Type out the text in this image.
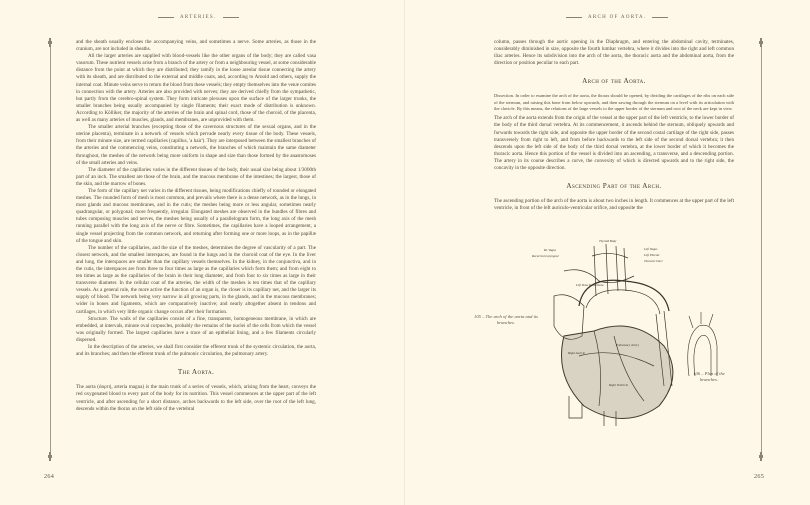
ARTERIES.

and the sheath usually encloses the accompanying veins, and sometimes a nerve. Some arteries, as those in the cranium, are not included in sheaths.

All the larger arteries are supplied with blood-vessels like the other organs of the body; they are called vasa vasorum. These nutrient vessels arise from a branch of the artery or from a neighbouring vessel, at some considerable distance from the point at which they are distributed; they ramify in the loose areolar tissue connecting the artery with its sheath, and are distributed to the external and middle coats, and, according to Arnold and others, supply the internal coat. Minute veins serve to return the blood from these vessels; they empty themselves into the venæ comites in connection with the artery. Arteries are also provided with nerves; they are derived chiefly from the sympathetic, but partly from the cerebro-spinal system. They form intricate plexuses upon the surface of the larger trunks, the smaller branches being usually accompanied by single filaments; their exact mode of distribution is unknown. According to Kölliker, the majority of the arteries of the brain and spinal cord, those of the choroid, of the placenta, as well as many arteries of muscles, glands, and membranes, are unprovided with them.

The smaller arterial branches (excepting those of the cavernous structures of the sexual organs, and in the uterine placenta), terminate in a network of vessels which pervade nearly every tissue of the body. These vessels, from their minute size, are termed capillaries (capillus, 'a hair'). They are interposed between the smallest branches of the arteries and the commencing veins, constituting a network, the branches of which maintain the same diameter throughout, the meshes of the network being more uniform in shape and size than those formed by the anastomoses of the small arteries and veins.

The diameter of the capillaries varies in the different tissues of the body, their usual size being about 1/3000th part of an inch. The smallest are those of the brain, and the mucous membrane of the intestines; the largest, those of the skin, and the marrow of bones.

The form of the capillary net varies in the different tissues, being modifications chiefly of rounded or elongated meshes. The rounded form of mesh is most common, and prevails where there is a dense network, as in the lungs, in most glands and mucous membranes, and in the cutis; the meshes being more or less angular, sometimes nearly quadrangular, or polygonal; more frequently, irregular. Elongated meshes are observed in the bundles of fibres and tubes composing muscles and nerves, the meshes being usually of a parallelogram form, the long axis of the mesh running parallel with the long axis of the nerve or fibre. Sometimes, the capillaries have a looped arrangement, a single vessel projecting from the common network, and returning after forming one or more loops, as in the papillæ of the tongue and skin.

The number of the capillaries, and the size of the meshes, determines the degree of vascularity of a part. The closest network, and the smallest interspaces, are found in the lungs and in the choroid coat of the eye. In the liver and lung, the interspaces are smaller than the capillary vessels themselves. In the kidney, in the conjunctiva, and in the cutis, the interspaces are from three to four times as large as the capillaries which form them; and from eight to ten times as large as the capillaries of the brain in their long diameter, and from four to six times as large in their transverse diameter. In the cellular coat of the arteries, the width of the meshes is ten times that of the capillary vessels. As a general rule, the more active the function of an organ is, the closer is its capillary net, and the larger its supply of blood. The network being very narrow in all growing parts, in the glands, and in the mucous membranes; wider in bones and ligaments, which are comparatively inactive; and nearly altogether absent in tendons and cartilages, in which very little organic change occurs after their formation.

Structure. The walls of the capillaries consist of a fine, transparent, homogeneous membrane, in which are embedded, at intervals, minute oval corpuscles, probably the remains of the nuclei of the cells from which the vessel was originally formed. The largest capillaries have a trace of an epithelial lining, and a few filaments circularly dispersed.

In the description of the arteries, we shall first consider the efferent trunk of the systemic circulation, the aorta, and its branches; and then the efferent trunk of the pulmonic circulation, the pulmonary artery.

The Aorta.

The aorta (ἀορτή, arteria magna) is the main trunk of a series of vessels, which, arising from the heart, conveys the red oxygenated blood to every part of the body for its nutrition. This vessel commences at the upper part of the left ventricle, and after ascending for a short distance, arches backwards to the left side, over the root of the left lung, descends within the thorax on the left side of the vertebral

264
ARCH OF AORTA.

column, passes through the aortic opening in the Diaphragm, and entering the abdominal cavity, terminates, considerably diminished in size, opposite the fourth lumbar vertebra, where it divides into the right and left common iliac arteries. Hence its subdivision into the arch of the aorta, the thoracic aorta and the abdominal aorta, from the direction or position peculiar to each part.

Arch of the Aorta.

Dissection. In order to examine the arch of the aorta, the thorax should be opened, by dividing the cartilages of the ribs on each side of the sternum, and raising this bone from below upwards, and then sawing through the sternum on a level with its articulation with the clavicle. By this means, the relations of the large vessels to the upper border of the sternum and root of the neck are kept in view.

The arch of the aorta extends from the origin of the vessel at the upper part of the left ventricle, to the lower border of the body of the third dorsal vertebra. At its commencement, it ascends behind the sternum, obliquely upwards and forwards towards the right side, and opposite the upper border of the second costal cartilage of the right side, passes transversely from right to left, and from before backwards to the left side of the second dorsal vertebra; it then descends upon the left side of the body of the third dorsal vertebra, at the lower border of which it becomes the thoracic aorta. Hence this portion of the vessel is divided into an ascending, a transverse, and a descending portion. The artery in its course describes a curve, the convexity of which is directed upwards and to the right side, the concavity in the opposite direction.

Ascending Part of the Arch.

The ascending portion of the arch of the aorta is about two inches in length. It commences at the upper part of the left ventricle, in front of the left auriculo-ventricular orifice, and opposite the

Thyroid Body
Rt. Vagus
Recurrent Laryngeal
Left Vagus
Left Phrenic
Thoracic Duct
Left Vena Innominata
Right Auricle
Pulmonary Artery
Right Ventricle
105 – The arch of the aorta and its branches.
106 – Plan of the branches.
265
